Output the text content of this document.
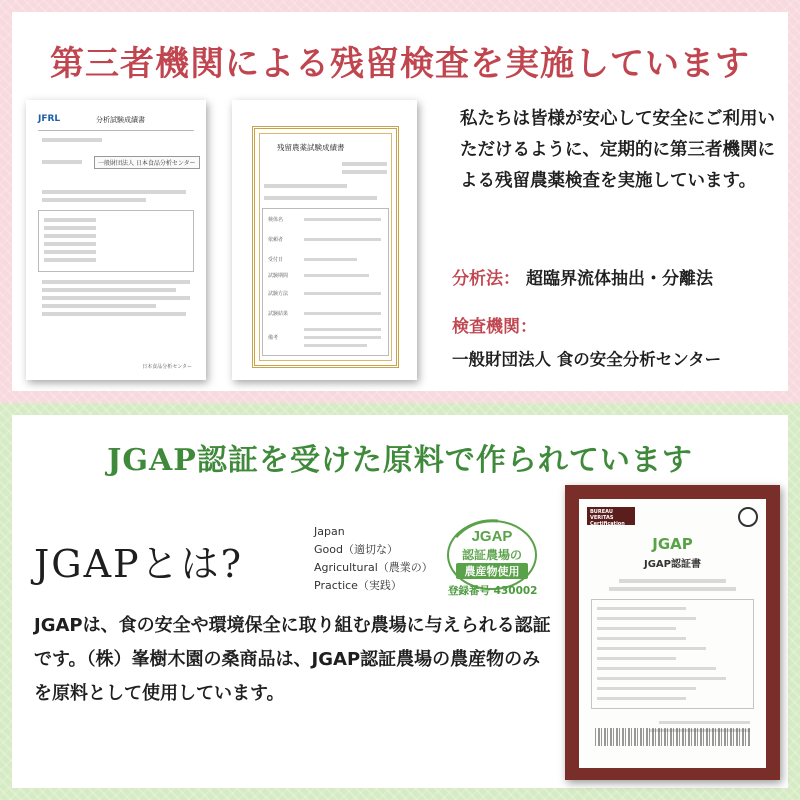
第三者機関による残留検査を実施しています
JFRL	分析試験成績書
一般財団法人 日本食品分析センター
日本食品分析センター
残留農薬試験成績書
検体名
依頼者
受付日
試験期間
試験方法
試験結果
備考
私たちは皆様が安心して安全にご利用いただけるように、定期的に第三者機関による残留農薬検査を実施しています。
分析法： 超臨界流体抽出・分離法
検査機関：
一般財団法人 食の安全分析センター
JGAP認証を受けた原料で作られています
JGAPとは?
Japan
Good（適切な）
Agricultural（農業の）
Practice（実践）
JGAP
認証農場の
農産物使用
登録番号 430002
JGAPは、食の安全や環境保全に取り組む農場に与えられる認証です。（株）峯樹木園の桑商品は、JGAP認証農場の農産物のみを原料として使用しています。
BUREAU VERITAS Certification
JGAP
JGAP認証書
